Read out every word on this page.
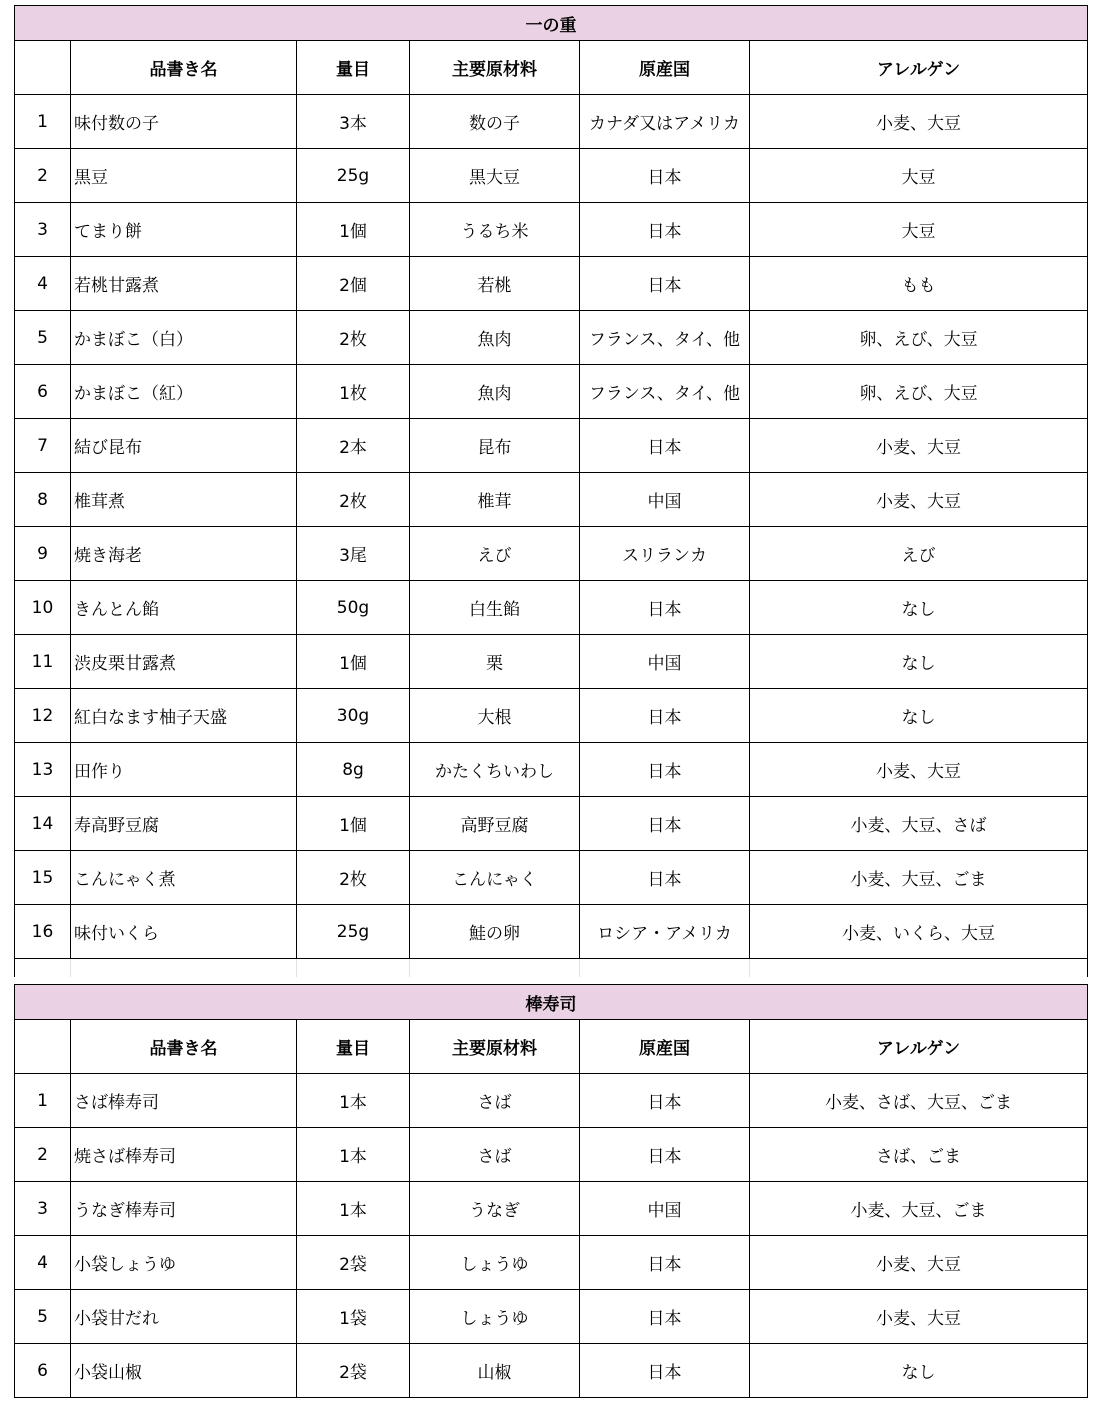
一の重					
	品書き名	量目	主要原材料	原産国	アレルゲン
1	味付数の子	3本	数の子	カナダ又はアメリカ	小麦、大豆
2	黒豆	25g	黒大豆	日本	大豆
3	てまり餅	1個	うるち米	日本	大豆
4	若桃甘露煮	2個	若桃	日本	もも
5	かまぼこ（白）	2枚	魚肉	フランス、タイ、他	卵、えび、大豆
6	かまぼこ（紅）	1枚	魚肉	フランス、タイ、他	卵、えび、大豆
7	結び昆布	2本	昆布	日本	小麦、大豆
8	椎茸煮	2枚	椎茸	中国	小麦、大豆
9	焼き海老	3尾	えび	スリランカ	えび
10	きんとん餡	50g	白生餡	日本	なし
11	渋皮栗甘露煮	1個	栗	中国	なし
12	紅白なます柚子天盛	30g	大根	日本	なし
13	田作り	8g	かたくちいわし	日本	小麦、大豆
14	寿高野豆腐	1個	高野豆腐	日本	小麦、大豆、さば
15	こんにゃく煮	2枚	こんにゃく	日本	小麦、大豆、ごま
16	味付いくら	25g	鮭の卵	ロシア・アメリカ	小麦、いくら、大豆

棒寿司					
	品書き名	量目	主要原材料	原産国	アレルゲン
1	さば棒寿司	1本	さば	日本	小麦、さば、大豆、ごま
2	焼さば棒寿司	1本	さば	日本	さば、ごま
3	うなぎ棒寿司	1本	うなぎ	中国	小麦、大豆、ごま
4	小袋しょうゆ	2袋	しょうゆ	日本	小麦、大豆
5	小袋甘だれ	1袋	しょうゆ	日本	小麦、大豆
6	小袋山椒	2袋	山椒	日本	なし
